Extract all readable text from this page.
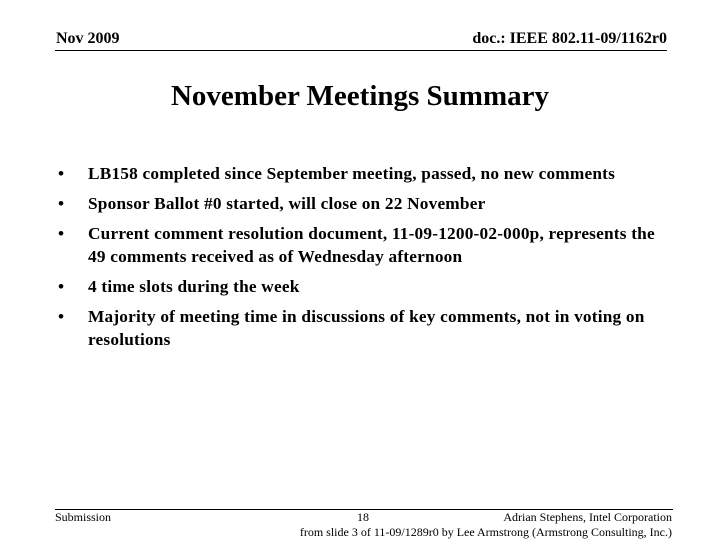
Nov 2009	doc.: IEEE 802.11-09/1162r0
November Meetings Summary
• LB158 completed since September meeting, passed, no new comments
• Sponsor Ballot #0 started, will close on 22 November
• Current comment resolution document, 11-09-1200-02-000p, represents the 49 comments received as of Wednesday afternoon
• 4 time slots during the week
• Majority of meeting time in discussions of key comments, not in voting on resolutions
Submission	18	Adrian Stephens, Intel Corporation
from slide 3 of 11-09/1289r0 by Lee Armstrong (Armstrong Consulting, Inc.)
